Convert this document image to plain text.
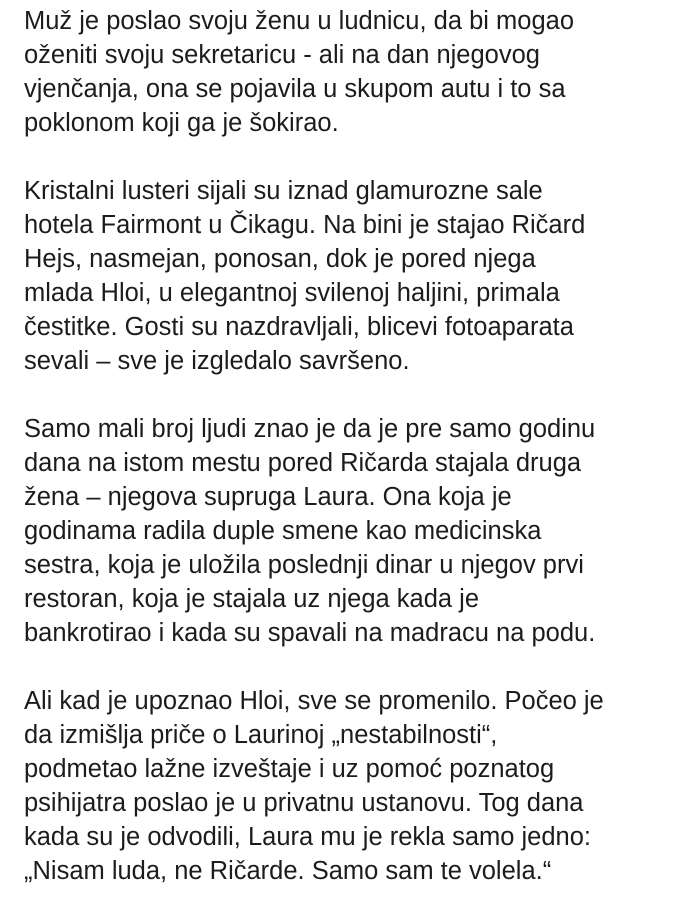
Muž je poslao svoju ženu u ludnicu, da bi mogao
oženiti svoju sekretaricu - ali na dan njegovog
vjenčanja, ona se pojavila u skupom autu i to sa
poklonom koji ga je šokirao.

Kristalni lusteri sijali su iznad glamurozne sale
hotela Fairmont u Čikagu. Na bini je stajao Ričard
Hejs, nasmejan, ponosan, dok je pored njega
mlada Hloi, u elegantnoj svilenoj haljini, primala
čestitke. Gosti su nazdravljali, blicevi fotoaparata
sevali – sve je izgledalo savršeno.

Samo mali broj ljudi znao je da je pre samo godinu
dana na istom mestu pored Ričarda stajala druga
žena – njegova supruga Laura. Ona koja je
godinama radila duple smene kao medicinska
sestra, koja je uložila poslednji dinar u njegov prvi
restoran, koja je stajala uz njega kada je
bankrotirao i kada su spavali na madracu na podu.

Ali kad je upoznao Hloi, sve se promenilo. Počeo je
da izmišlja priče o Laurinoj „nestabilnosti“,
podmetao lažne izveštaje i uz pomoć poznatog
psihijatra poslao je u privatnu ustanovu. Tog dana
kada su je odvodili, Laura mu je rekla samo jedno:
„Nisam ludа, ne Ričarde. Samo sam te volela.“
